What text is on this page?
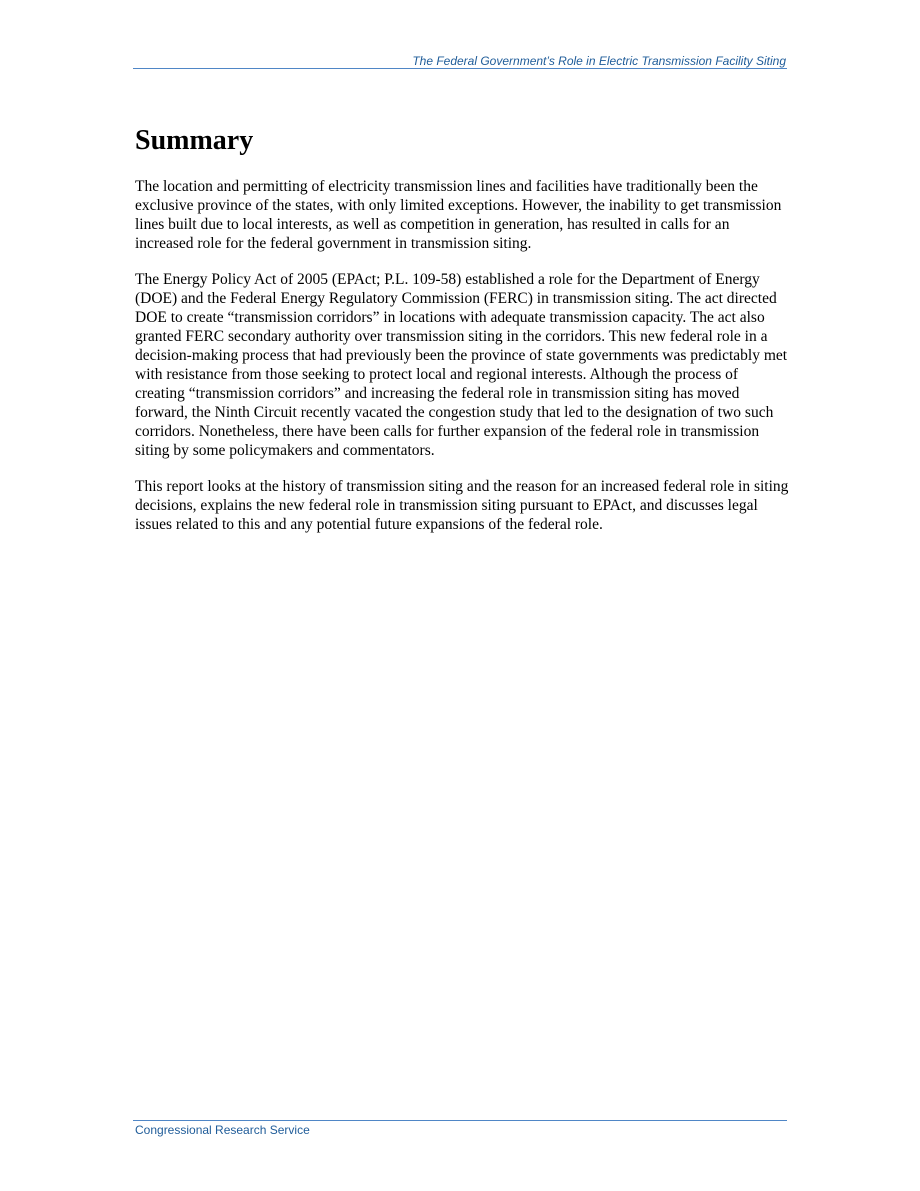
The Federal Government’s Role in Electric Transmission Facility Siting
Summary

The location and permitting of electricity transmission lines and facilities have traditionally been the exclusive province of the states, with only limited exceptions. However, the inability to get transmission lines built due to local interests, as well as competition in generation, has resulted in calls for an increased role for the federal government in transmission siting.

The Energy Policy Act of 2005 (EPAct; P.L. 109-58) established a role for the Department of Energy (DOE) and the Federal Energy Regulatory Commission (FERC) in transmission siting. The act directed DOE to create “transmission corridors” in locations with adequate transmission capacity. The act also granted FERC secondary authority over transmission siting in the corridors. This new federal role in a decision-making process that had previously been the province of state governments was predictably met with resistance from those seeking to protect local and regional interests. Although the process of creating “transmission corridors” and increasing the federal role in transmission siting has moved forward, the Ninth Circuit recently vacated the congestion study that led to the designation of two such corridors. Nonetheless, there have been calls for further expansion of the federal role in transmission siting by some policymakers and commentators.

This report looks at the history of transmission siting and the reason for an increased federal role in siting decisions, explains the new federal role in transmission siting pursuant to EPAct, and discusses legal issues related to this and any potential future expansions of the federal role.

Congressional Research Service
